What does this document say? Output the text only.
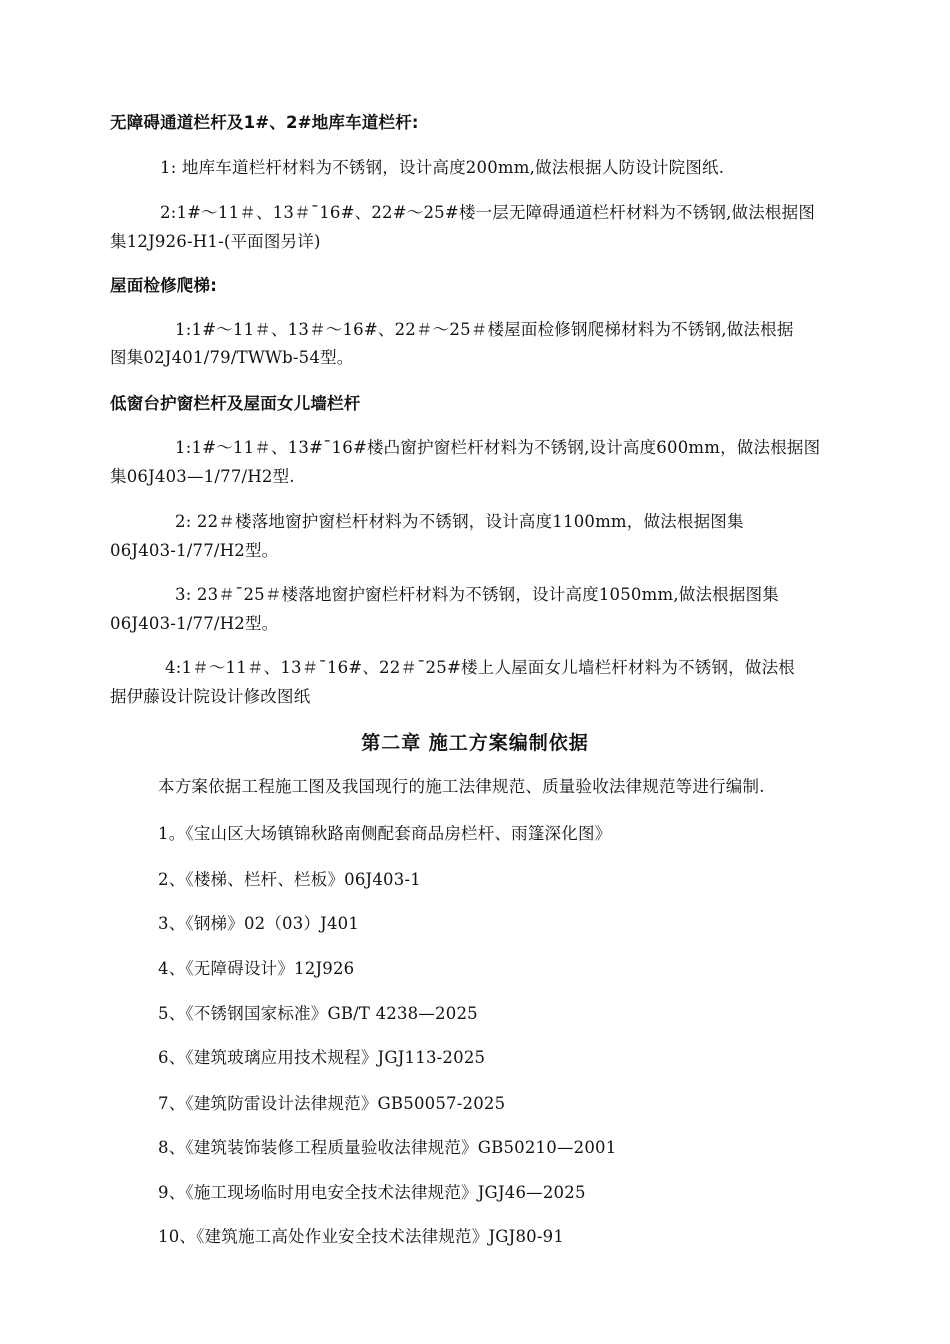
无障碍通道栏杆及1#、2#地库车道栏杆:
1: 地库车道栏杆材料为不锈钢，设计高度200mm,做法根据人防设计院图纸.
2:1#～11＃、13＃¯16#、22#～25#楼一层无障碍通道栏杆材料为不锈钢,做法根据图
集12J926-H1-(平面图另详)
屋面检修爬梯:
1:1#～11＃、13＃～16#、22＃～25＃楼屋面检修钢爬梯材料为不锈钢,做法根据
图集02J401/79/TWWb-54型。
低窗台护窗栏杆及屋面女儿墙栏杆
1:1#～11＃、13#¯16#楼凸窗护窗栏杆材料为不锈钢,设计高度600mm，做法根据图
集06J403—1/77/H2型.
2: 22＃楼落地窗护窗栏杆材料为不锈钢，设计高度1100mm，做法根据图集
06J403-1/77/H2型。
3: 23＃¯25＃楼落地窗护窗栏杆材料为不锈钢，设计高度1050mm,做法根据图集
06J403-1/77/H2型。
4:1＃～11＃、13＃¯16#、22＃¯25#楼上人屋面女儿墙栏杆材料为不锈钢，做法根
据伊藤设计院设计修改图纸
第二章 施工方案编制依据
本方案依据工程施工图及我国现行的施工法律规范、质量验收法律规范等进行编制.
1。《宝山区大场镇锦秋路南侧配套商品房栏杆、雨篷深化图》
2、《楼梯、栏杆、栏板》06J403-1
3、《钢梯》02（03）J401
4、《无障碍设计》12J926
5、《不锈钢国家标准》GB/T 4238—2025
6、《建筑玻璃应用技术规程》JGJ113-2025
7、《建筑防雷设计法律规范》GB50057-2025
8、《建筑装饰装修工程质量验收法律规范》GB50210—2001
9、《施工现场临时用电安全技术法律规范》JGJ46—2025
10、《建筑施工高处作业安全技术法律规范》JGJ80-91
